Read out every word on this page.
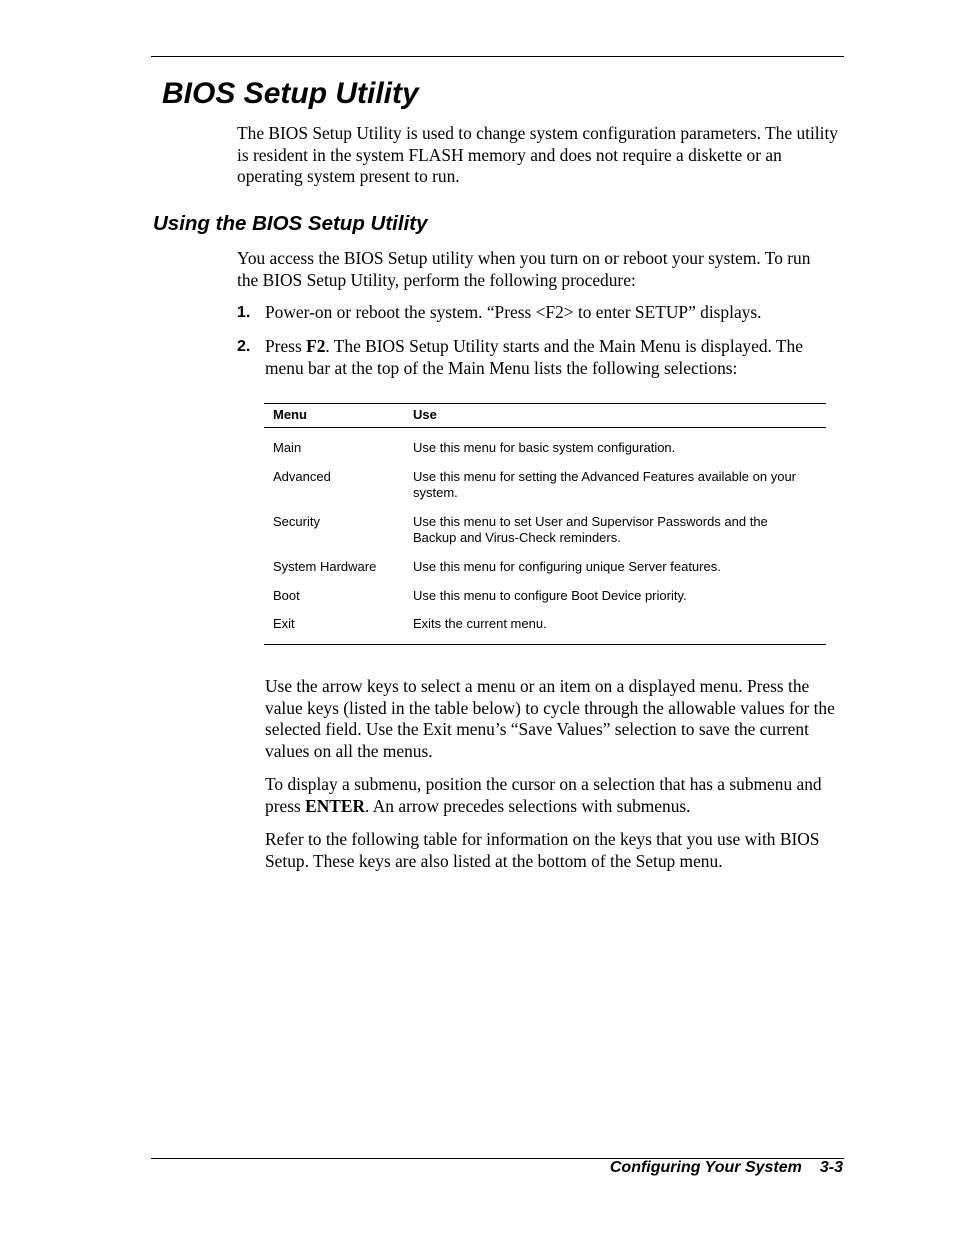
BIOS Setup Utility

The BIOS Setup Utility is used to change system configuration parameters. The utility is resident in the system FLASH memory and does not require a diskette or an operating system present to run.

Using the BIOS Setup Utility

You access the BIOS Setup utility when you turn on or reboot your system. To run the BIOS Setup Utility, perform the following procedure:

1. Power-on or reboot the system. “Press <F2> to enter SETUP” displays.

2. Press F2. The BIOS Setup Utility starts and the Main Menu is displayed. The menu bar at the top of the Main Menu lists the following selections:

Menu	Use
Main	Use this menu for basic system configuration.
Advanced	Use this menu for setting the Advanced Features available on your system.
Security	Use this menu to set User and Supervisor Passwords and the Backup and Virus-Check reminders.
System Hardware	Use this menu for configuring unique Server features.
Boot	Use this menu to configure Boot Device priority.
Exit	Exits the current menu.

Use the arrow keys to select a menu or an item on a displayed menu. Press the value keys (listed in the table below) to cycle through the allowable values for the selected field. Use the Exit menu’s “Save Values” selection to save the current values on all the menus.

To display a submenu, position the cursor on a selection that has a submenu and press ENTER. An arrow precedes selections with submenus.

Refer to the following table for information on the keys that you use with BIOS Setup. These keys are also listed at the bottom of the Setup menu.

Configuring Your System 3-3
